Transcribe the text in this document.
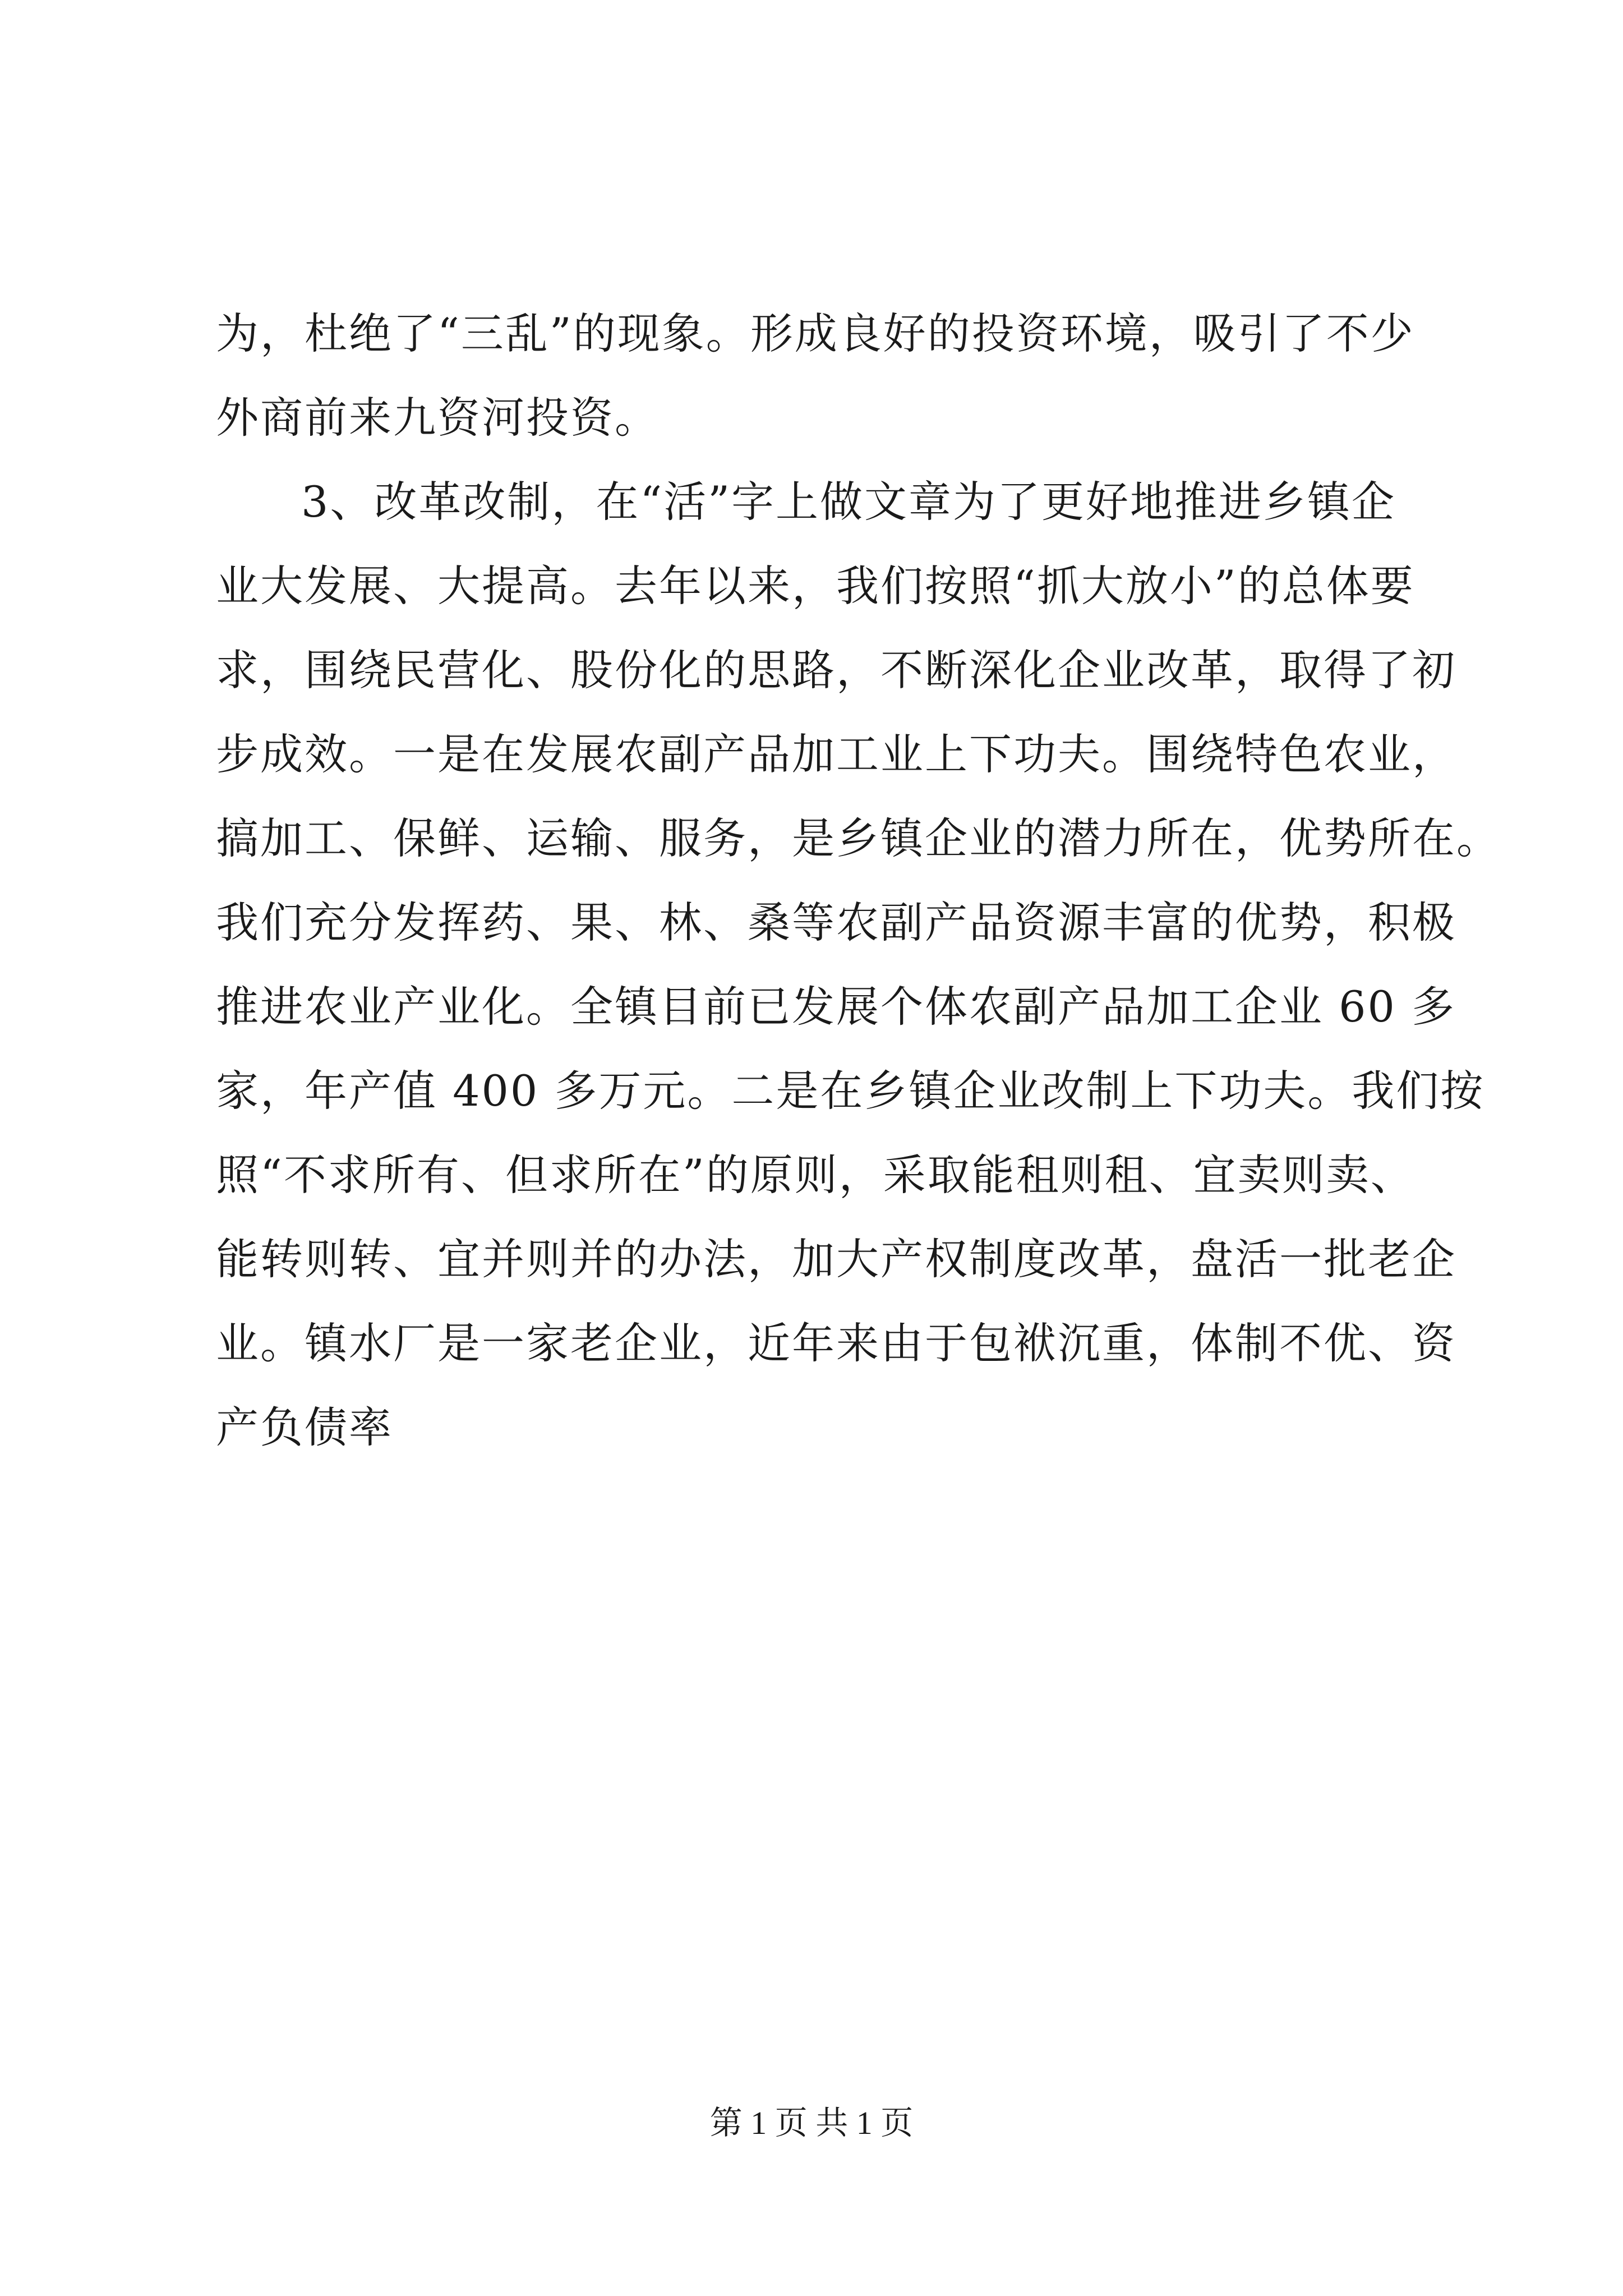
为，杜绝了“三乱”的现象。形成良好的投资环境，吸引了不少
外商前来九资河投资。
3、改革改制，在“活”字上做文章为了更好地推进乡镇企
业大发展、大提高。去年以来，我们按照“抓大放小”的总体要
求，围绕民营化、股份化的思路，不断深化企业改革，取得了初
步成效。一是在发展农副产品加工业上下功夫。围绕特色农业，
搞加工、保鲜、运输、服务，是乡镇企业的潜力所在，优势所在。
我们充分发挥药、果、林、桑等农副产品资源丰富的优势，积极
推进农业产业化。全镇目前已发展个体农副产品加工企业 60 多
家，年产值 400 多万元。二是在乡镇企业改制上下功夫。我们按
照“不求所有、但求所在”的原则，采取能租则租、宜卖则卖、
能转则转、宜并则并的办法，加大产权制度改革，盘活一批老企
业。镇水厂是一家老企业，近年来由于包袱沉重，体制不优、资
产负债率
第 1 页 共 1 页
